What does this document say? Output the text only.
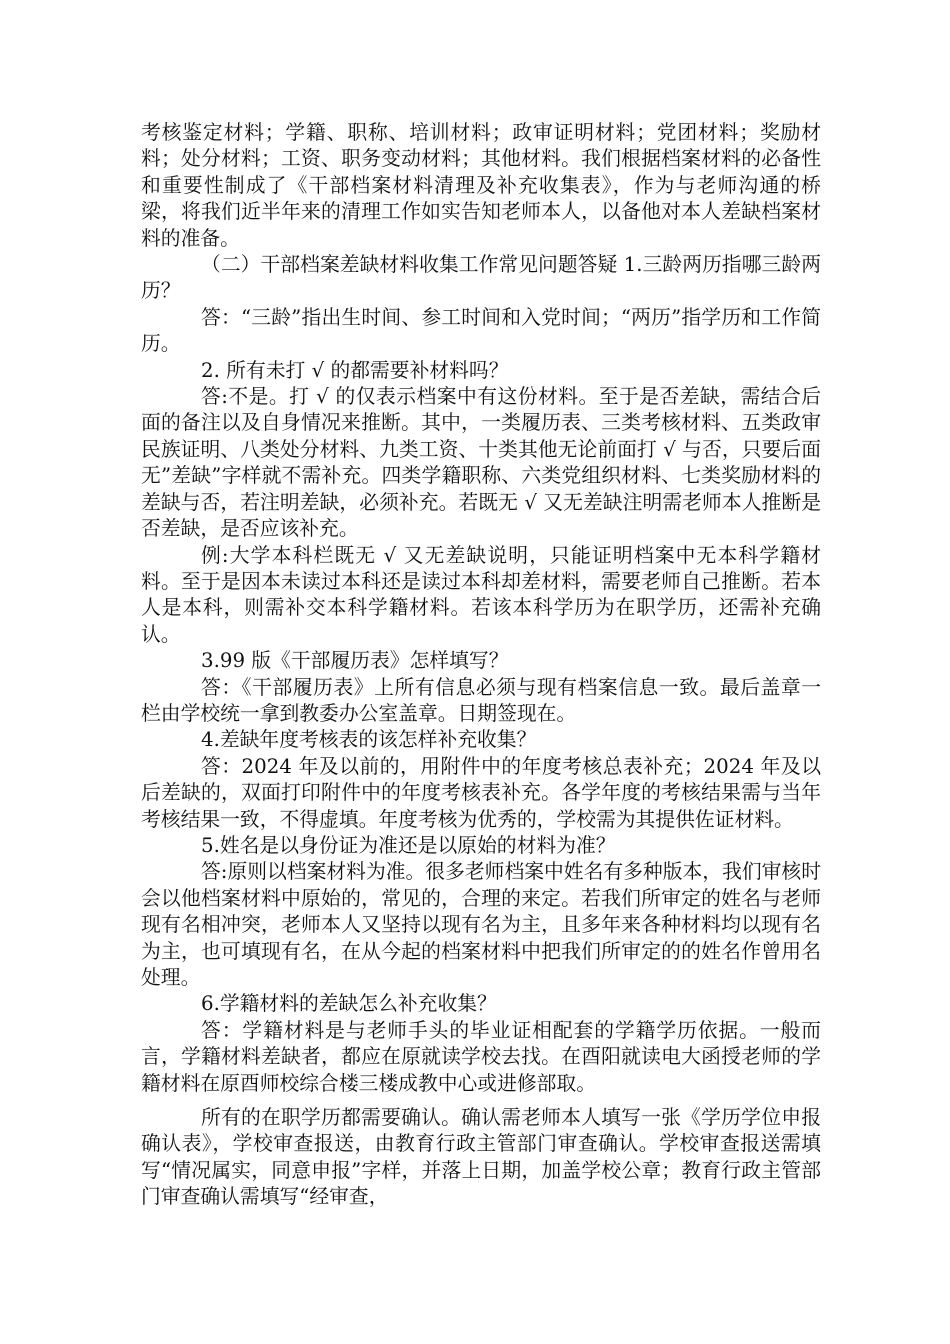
考核鉴定材料；学籍、职称、培训材料；政审证明材料；党团材料；奖励材料；处分材料；工资、职务变动材料；其他材料。我们根据档案材料的必备性和重要性制成了《干部档案材料清理及补充收集表》，作为与老师沟通的桥梁，将我们近半年来的清理工作如实告知老师本人，以备他对本人差缺档案材料的准备。

（二）干部档案差缺材料收集工作常见问题答疑 1.三龄两历指哪三龄两历？

答：“三龄”指出生时间、参工时间和入党时间；“两历”指学历和工作简历。

2. 所有未打 √ 的都需要补材料吗？

答:不是。打 √ 的仅表示档案中有这份材料。至于是否差缺，需结合后面的备注以及自身情况来推断。其中，一类履历表、三类考核材料、五类政审民族证明、八类处分材料、九类工资、十类其他无论前面打 √ 与否，只要后面无”差缺”字样就不需补充。四类学籍职称、六类党组织材料、七类奖励材料的差缺与否，若注明差缺，必须补充。若既无 √ 又无差缺注明需老师本人推断是否差缺，是否应该补充。

例:大学本科栏既无 √ 又无差缺说明，只能证明档案中无本科学籍材料。至于是因本未读过本科还是读过本科却差材料，需要老师自己推断。若本人是本科，则需补交本科学籍材料。若该本科学历为在职学历，还需补充确认。

3.99 版《干部履历表》怎样填写？

答：《干部履历表》上所有信息必须与现有档案信息一致。最后盖章一栏由学校统一拿到教委办公室盖章。日期签现在。

4.差缺年度考核表的该怎样补充收集？

答：2024 年及以前的，用附件中的年度考核总表补充；2024 年及以后差缺的，双面打印附件中的年度考核表补充。各学年度的考核结果需与当年考核结果一致，不得虚填。年度考核为优秀的，学校需为其提供佐证材料。

5.姓名是以身份证为准还是以原始的材料为准？

答:原则以档案材料为准。很多老师档案中姓名有多种版本，我们审核时会以他档案材料中原始的，常见的，合理的来定。若我们所审定的姓名与老师现有名相冲突，老师本人又坚持以现有名为主，且多年来各种材料均以现有名为主，也可填现有名，在从今起的档案材料中把我们所审定的的姓名作曾用名处理。

6.学籍材料的差缺怎么补充收集？

答：学籍材料是与老师手头的毕业证相配套的学籍学历依据。一般而言，学籍材料差缺者，都应在原就读学校去找。在酉阳就读电大函授老师的学籍材料在原酉师校综合楼三楼成教中心或进修部取。

所有的在职学历都需要确认。确认需老师本人填写一张《学历学位申报确认表》，学校审查报送，由教育行政主管部门审查确认。学校审查报送需填写“情况属实，同意申报”字样，并落上日期，加盖学校公章；教育行政主管部门审查确认需填写“经审查，
